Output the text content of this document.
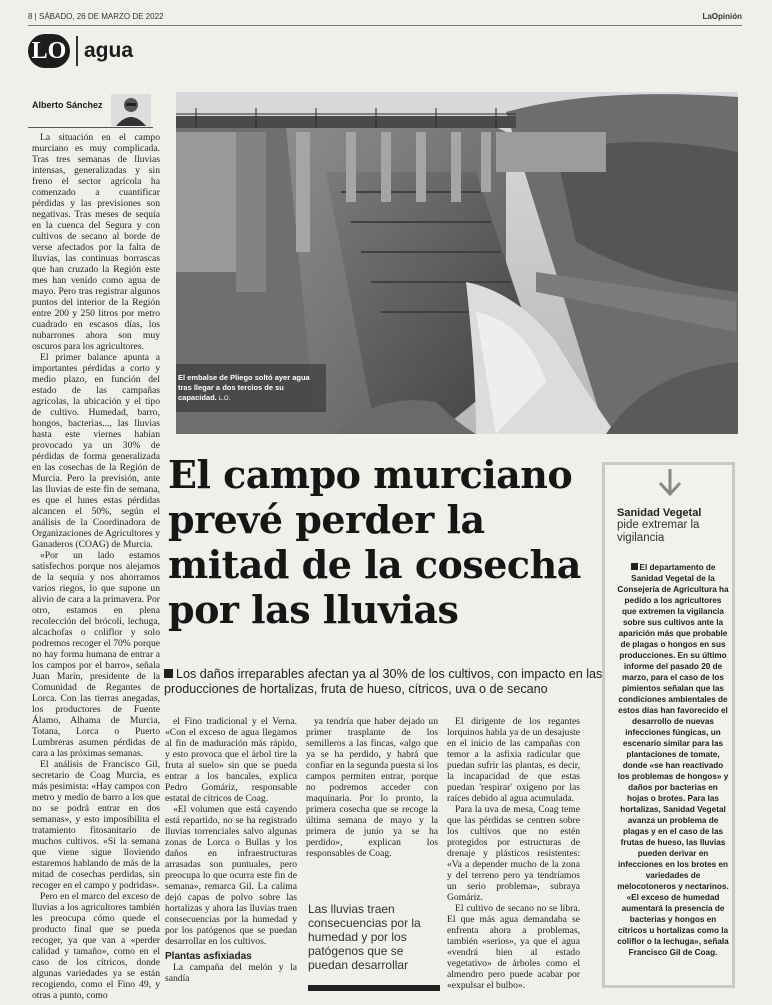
8 | SÁBADO, 26 DE MARZO DE 2022	LaOpinión
LO agua
Alberto Sánchez
El embalse de Pliego soltó ayer agua tras llegar a dos tercios de su capacidad. L.O.
El campo murciano prevé perder la mitad de la cosecha por las lluvias
Los daños irreparables afectan ya al 30% de los cultivos, con impacto en las producciones de hortalizas, fruta de hueso, cítricos, uva o de secano

La situación en el campo murciano es muy complicada. Tras tres semanas de lluvias intensas, generalizadas y sin freno el sector agrícola ha comenzado a cuantificar pérdidas y las previsiones son negativas. Tras meses de sequía en la cuenca del Segura y con cultivos de secano al borde de verse afectados por la falta de lluvias, las continuas borrascas que han cruzado la Región este mes han venido como agua de mayo. Pero tras registrar algunos puntos del interior de la Región entre 200 y 250 litros por metro cuadrado en escasos días, los nubarrones ahora son muy oscuros para los agricultores.

El primer balance apunta a importantes pérdidas a corto y medio plazo, en función del estado de las campañas agrícolas, la ubicación y el tipo de cultivo. Humedad, barro, hongos, bacterias..., las lluvias hasta este viernes habían provocado ya un 30% de pérdidas de forma generalizada en las cosechas de la Región de Murcia. Pero la previsión, ante las lluvias de este fin de semana, es que el lunes estas pérdidas alcancen el 50%, según el análisis de la Coordinadora de Organizaciones de Agricultores y Ganaderos (COAG) de Murcia.

«Por un lado estamos satisfechos porque nos alejamos de la sequía y nos ahorramos varios riegos, lo que supone un alivio de cara a la primavera. Por otro, estamos en plena recolección del brócoli, lechuga, alcachofas o coliflor y solo podremos recoger el 70% porque no hay forma humana de entrar a los campos por el barro», señala Juan Marín, presidente de la Comunidad de Regantes de Lorca. Con las tierras anegadas, los productores de Fuente Álamo, Alhama de Murcia, Totana, Lorca o Puerto Lumbreras asumen pérdidas de cara a las próximas semanas.

El análisis de Francisco Gil, secretario de Coag Murcia, es más pesimista: «Hay campos con metro y medio de barro a los que no se podrá entrar en dos semanas», y esto imposibilita el tratamiento fitosanitario de muchos cultivos. «Si la semana que viene sigue lloviendo estaremos hablando de más de la mitad de cosechas perdidas, sin recoger en el campo y podridas».

Pero en el marco del exceso de lluvias a los agricultores también les preocupa cómo quede el producto final que se pueda recoger, ya que van a «perder calidad y tamaño», como en el caso de los cítricos, donde algunas variedades ya se están recogiendo, como el Fino 49, y otras a punto, como

el Fino tradicional y el Verna. «Con el exceso de agua llegamos al fin de maduración más rápido, y esto provoca que el árbol tire la fruta al suelo» sin que se pueda entrar a los bancales, explica Pedro Gomáriz, responsable estatal de cítricos de Coag.

«El volumen que está cayendo está repartido, no se ha registrado lluvias torrenciales salvo algunas zonas de Lorca o Bullas y los daños en infraestructuras arrasadas son puntuales, pero preocupa lo que ocurra este fin de semana», remarca Gil. La calima dejó capas de polvo sobre las hortalizas y ahora las lluvias traen consecuencias por la humedad y por los patógenos que se puedan desarrollar en los cultivos.

Plantas asfixiadas

La campaña del melón y la sandía

ya tendría que haber dejado un primer trasplante de los semilleros a las fincas, «algo que ya se ha perdido, y habrá que confiar en la segunda puesta si los campos permiten entrar, porque no podremos acceder con maquinaria. Por lo pronto, la primera cosecha que se recoge la última semana de mayo y la primera de junio ya se ha perdido», explican los responsables de Coag.

Las lluvias traen consecuencias por la humedad y por los patógenos que se puedan desarrollar

El dirigente de los regantes lorquinos habla ya de un desajuste en el inicio de las campañas con temor a la asfixia radicular que puedan sufrir las plantas, es decir, la incapacidad de que estas puedan 'respirar' oxígeno por las raíces debido al agua acumulada.

Para la uva de mesa, Coag teme que las pérdidas se centren sobre los cultivos que no estén protegidos por estructuras de drenaje y plásticos resistentes: «Va a depender mucho de la zona y del terreno pero ya tendríamos un serio problema», subraya Gomáriz.

El cultivo de secano no se libra. El que más agua demandaba se enfrenta ahora a problemas, también «serios», ya que el agua «vendrá bien al estado vegetativo» de árboles como el almendro pero puede acabar por «expulsar el bulbo».

Sanidad Vegetal
pide extremar la vigilancia
El departamento de Sanidad Vegetal de la Consejería de Agricultura ha pedido a los agricultores que extremen la vigilancia sobre sus cultivos ante la aparición más que probable de plagas o hongos en sus producciones. En su último informe del pasado 20 de marzo, para el caso de los pimientos señalan que las condiciones ambientales de estos días han favorecido el desarrollo de nuevas infecciones fúngicas, un escenario similar para las plantaciones de tomate, donde «se han reactivado los problemas de hongos» y daños por bacterias en hojas o brotes. Para las hortalizas, Sanidad Vegetal avanza un problema de plagas y en el caso de las frutas de hueso, las lluvias pueden derivar en infecciones en los brotes en variedades de melocotoneros y nectarinos. «El exceso de humedad aumentará la presencia de bacterias y hongos en cítricos u hortalizas como la coliflor o la lechuga», señala Francisco Gil de Coag.
